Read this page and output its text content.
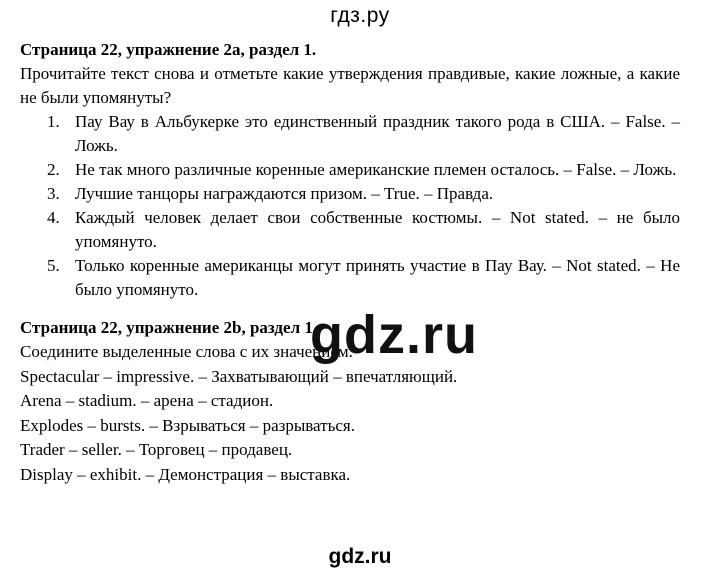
гдз.ру

Страница 22, упражнение 2a, раздел 1.

Прочитайте текст снова и отметьте какие утверждения правдивые, какие ложные, а какие не были упомянуты?

1. Пау Вау в Альбукерке это единственный праздник такого рода в США. – False. – Ложь.
2. Не так много различные коренные американские племен осталось. – False. – Ложь.
3. Лучшие танцоры награждаются призом. – True. – Правда.
4. Каждый человек делает свои собственные костюмы. – Not stated. – не было упомянуто.
5. Только коренные американцы могут принять участие в Пау Вау. – Not stated. – Не было упомянуто.

Страница 22, упражнение 2b, раздел 1.

Соедините выделенные слова с их значением.

Spectacular – impressive. – Захватывающий – впечатляющий.

Arena – stadium. – арена – стадион.

Explodes – bursts. – Взрываться – разрываться.

Trader – seller. – Торговец – продавец.

Display – exhibit. – Демонстрация – выставка.

gdz.ru
gdz.ru
